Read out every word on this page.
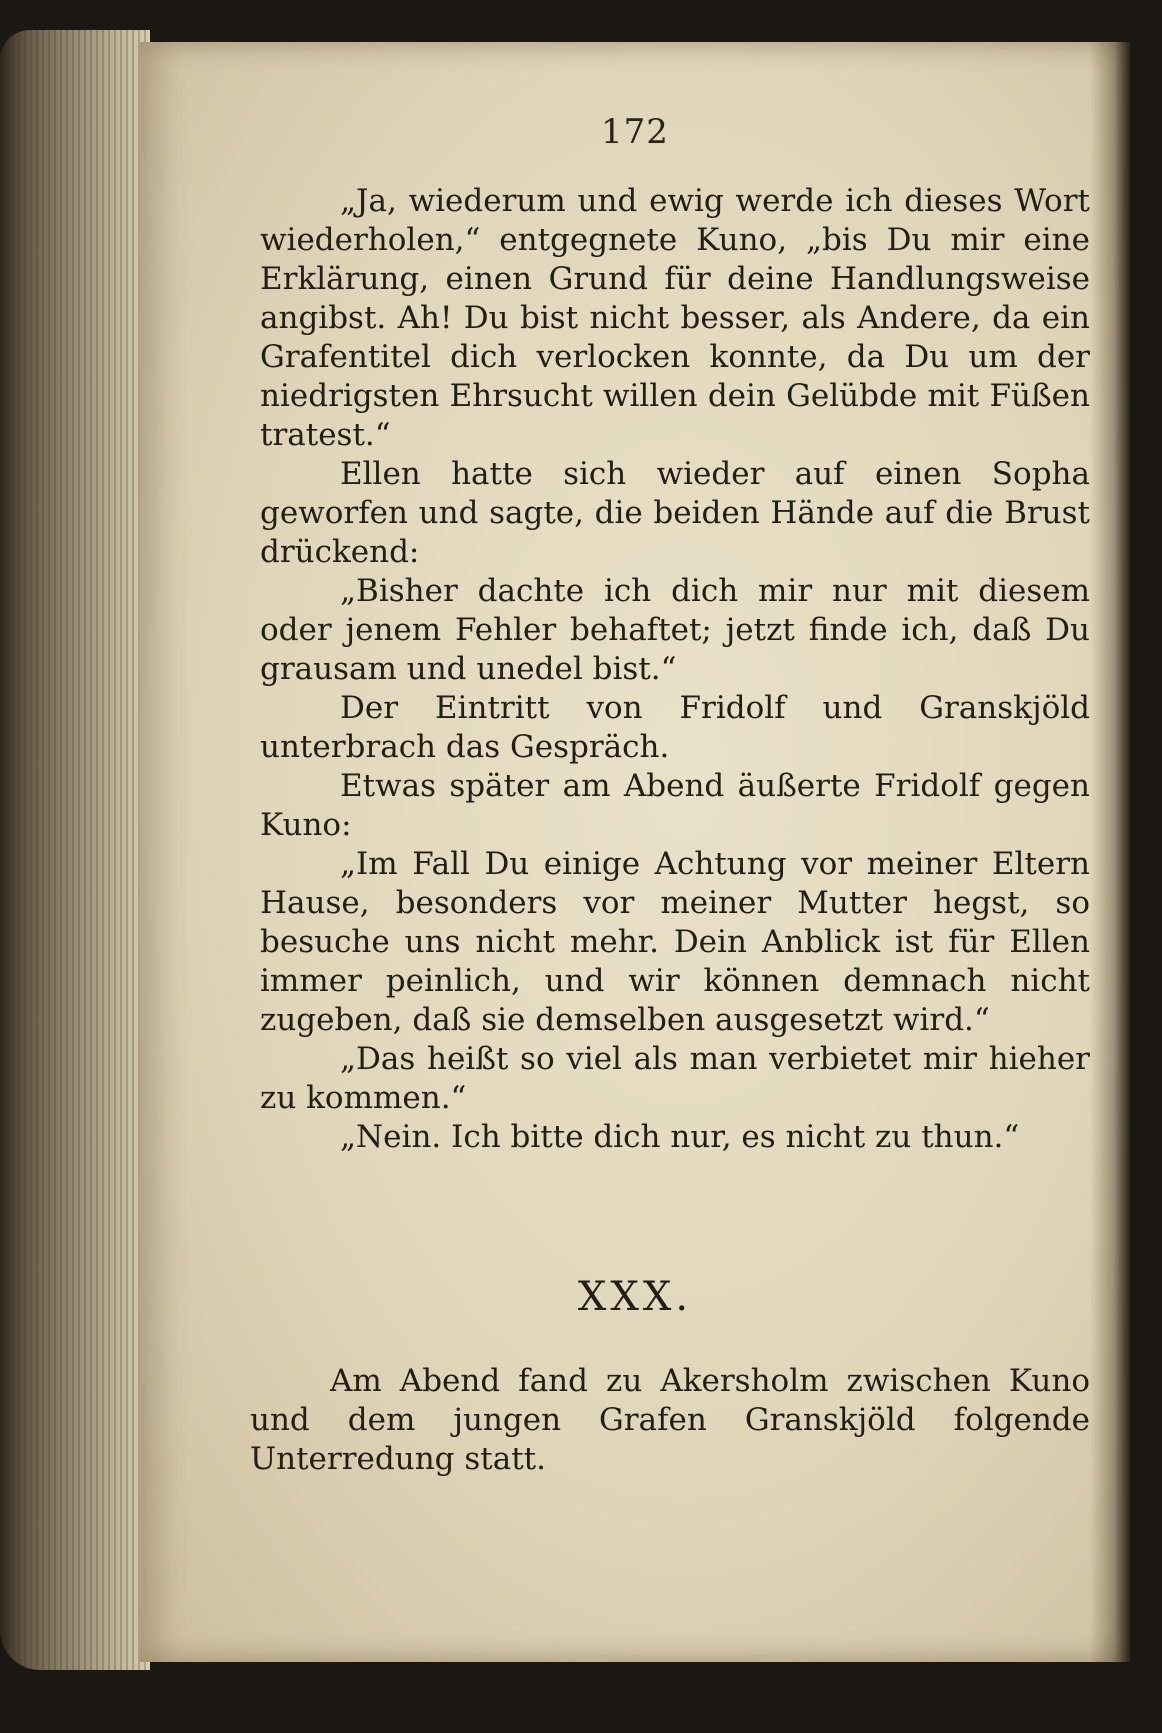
172

„Ja, wiederum und ewig werde ich dieses Wort wiederholen,“ entgegnete Kuno, „bis Du mir eine Erklärung, einen Grund für deine Handlungsweise angibst. Ah! Du bist nicht besser, als Andere, da ein Grafentitel dich verlocken konnte, da Du um der niedrigsten Ehrsucht willen dein Gelübde mit Füßen tratest.“

Ellen hatte sich wieder auf einen Sopha geworfen und sagte, die beiden Hände auf die Brust drückend:

„Bisher dachte ich dich mir nur mit diesem oder jenem Fehler behaftet; jetzt finde ich, daß Du grausam und unedel bist.“

Der Eintritt von Fridolf und Granskjöld unterbrach das Gespräch.

Etwas später am Abend äußerte Fridolf gegen Kuno:

„Im Fall Du einige Achtung vor meiner Eltern Hause, besonders vor meiner Mutter hegst, so besuche uns nicht mehr. Dein Anblick ist für Ellen immer peinlich, und wir können demnach nicht zugeben, daß sie demselben ausgesetzt wird.“

„Das heißt so viel als man verbietet mir hieher zu kommen.“

„Nein. Ich bitte dich nur, es nicht zu thun.“

XXX.

Am Abend fand zu Akersholm zwischen Kuno und dem jungen Grafen Granskjöld folgende Unterredung statt.
